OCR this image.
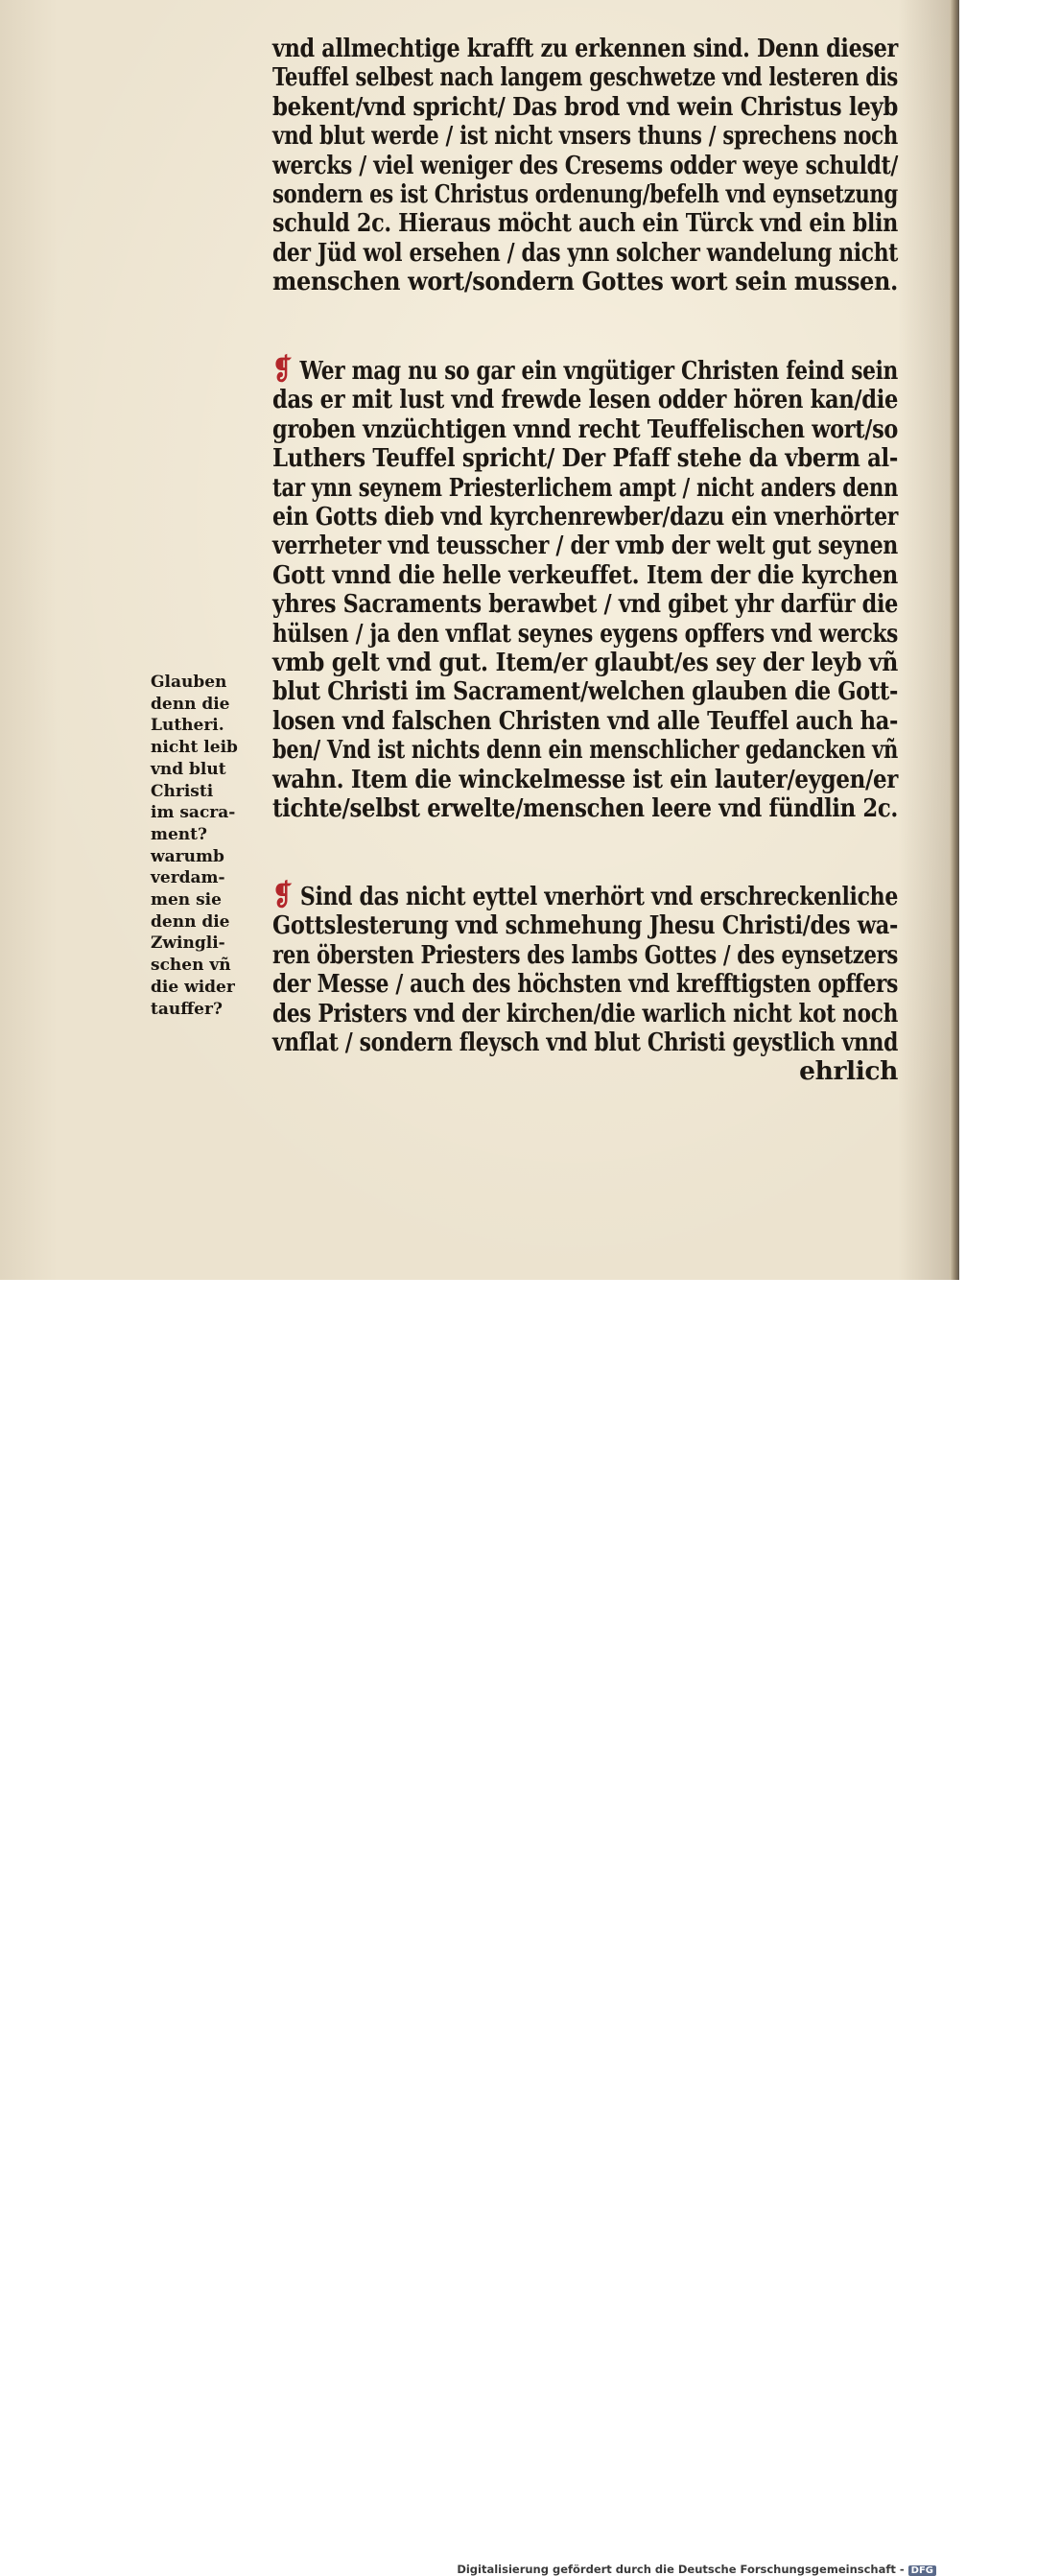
vnd allmechtige krafft zu erkennen sind. Denn dieser
Teuffel selbest nach langem geschwetze vnd lesteren dis
bekent/vnd spricht/ Das brod vnd wein Christus leyb
vnd blut werde / ist nicht vnsers thuns / sprechens noch
wercks / viel weniger des Cresems odder weye schuldt/
sondern es ist Christus ordenung/befelh vnd eynsetzung
schuld 2c. Hieraus möcht auch ein Türck vnd ein blin
der Jüd wol ersehen / das ynn solcher wandelung nicht
menschen wort/sondern Gottes wort sein mussen.
❡ Wer mag nu so gar ein vngütiger Christen feind sein
das er mit lust vnd frewde lesen odder hören kan/die
groben vnzüchtigen vnnd recht Teuffelischen wort/so
Luthers Teuffel spricht/ Der Pfaff stehe da vberm al-
tar ynn seynem Priesterlichem ampt / nicht anders denn
ein Gotts dieb vnd kyrchenrewber/dazu ein vnerhörter
verrheter vnd teusscher / der vmb der welt gut seynen
Gott vnnd die helle verkeuffet. Item der die kyrchen
yhres Sacraments berawbet / vnd gibet yhr darfür die
hülsen / ja den vnflat seynes eygens opffers vnd wercks
vmb gelt vnd gut. Item/er glaubt/es sey der leyb vñ
blut Christi im Sacrament/welchen glauben die Gott-
losen vnd falschen Christen vnd alle Teuffel auch ha-
ben/ Vnd ist nichts denn ein menschlicher gedancken vñ
wahn. Item die winckelmesse ist ein lauter/eygen/er
tichte/selbst erwelte/menschen leere vnd fündlin 2c.
❡ Sind das nicht eyttel vnerhört vnd erschreckenliche
Gottslesterung vnd schmehung Jhesu Christi/des wa-
ren öbersten Priesters des lambs Gottes / des eynsetzers
der Messe / auch des höchsten vnd krefftigsten opffers
des Pristers vnd der kirchen/die warlich nicht kot noch
vnflat / sondern fleysch vnd blut Christi geystlich vnnd
ehrlich
Glauben
denn die
Lutheri.
nicht leib
vnd blut
Christi
im sacra-
ment?
warumb
verdam-
men sie
denn die
Zwingli-
schen vñ
die wider
tauffer?
Digitalisierung gefördert durch die Deutsche Forschungsgemeinschaft - DFG
